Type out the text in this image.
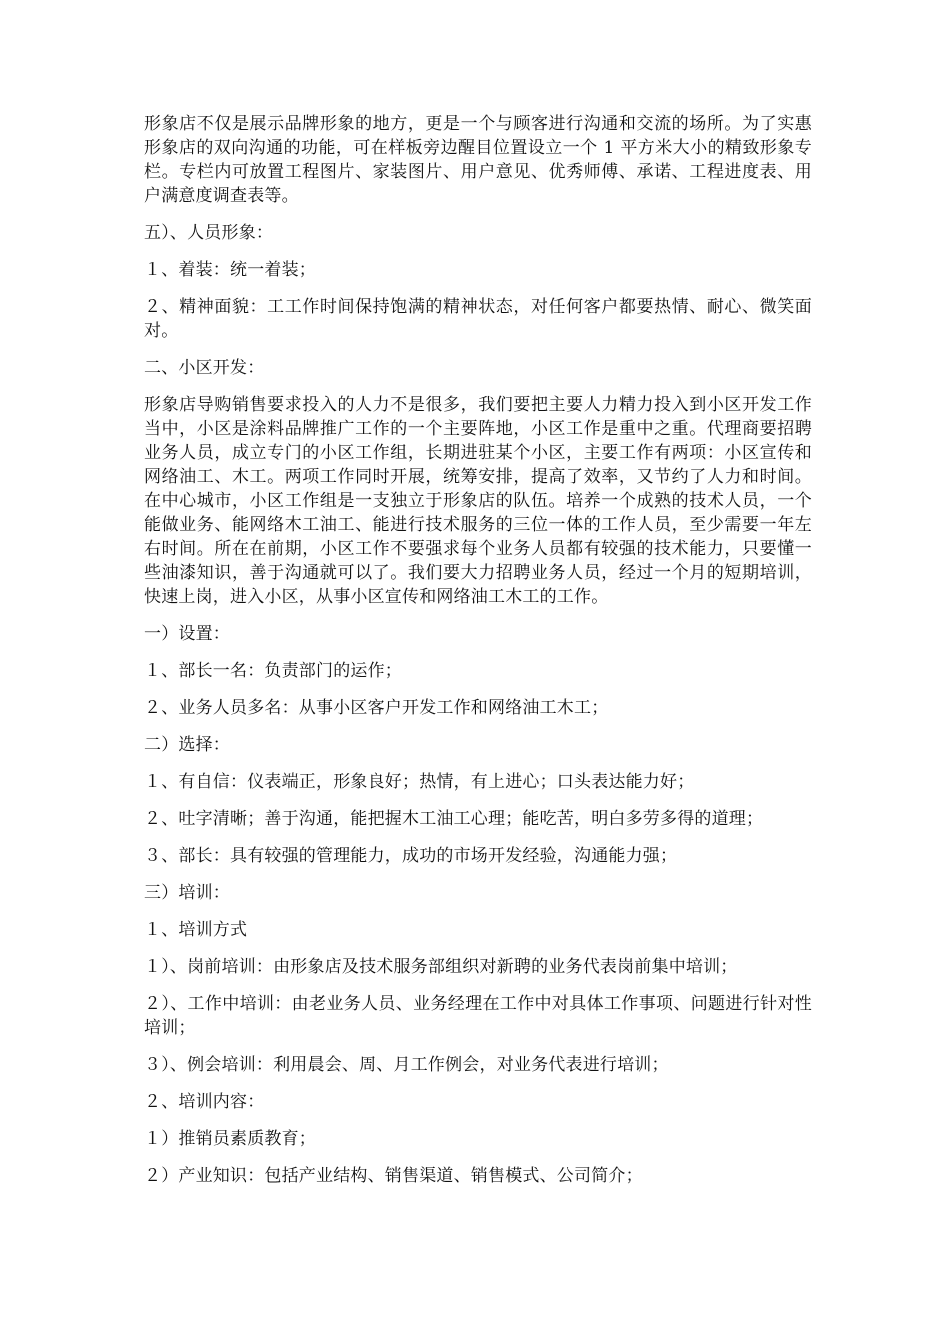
形象店不仅是展示品牌形象的地方，更是一个与顾客进行沟通和交流的场所。为了实惠形象店的双向沟通的功能，可在样板旁边醒目位置设立一个 1 平方米大小的精致形象专栏。专栏内可放置工程图片、家装图片、用户意见、优秀师傅、承诺、工程进度表、用户满意度调查表等。

五）、人员形象：

１、着装：统一着装；

２、精神面貌：工工作时间保持饱满的精神状态，对任何客户都要热情、耐心、微笑面对。

二、小区开发：

形象店导购销售要求投入的人力不是很多，我们要把主要人力精力投入到小区开发工作当中，小区是涂料品牌推广工作的一个主要阵地，小区工作是重中之重。代理商要招聘业务人员，成立专门的小区工作组，长期进驻某个小区，主要工作有两项：小区宣传和网络油工、木工。两项工作同时开展，统筹安排，提高了效率，又节约了人力和时间。在中心城市，小区工作组是一支独立于形象店的队伍。培养一个成熟的技术人员，一个能做业务、能网络木工油工、能进行技术服务的三位一体的工作人员，至少需要一年左右时间。所在在前期，小区工作不要强求每个业务人员都有较强的技术能力，只要懂一些油漆知识，善于沟通就可以了。我们要大力招聘业务人员，经过一个月的短期培训，快速上岗，进入小区，从事小区宣传和网络油工木工的工作。

一）设置：

１、部长一名：负责部门的运作；

２、业务人员多名：从事小区客户开发工作和网络油工木工；

二）选择：

１、有自信：仪表端正，形象良好；热情，有上进心；口头表达能力好；

２、吐字清晰；善于沟通，能把握木工油工心理；能吃苦，明白多劳多得的道理；

３、部长：具有较强的管理能力，成功的市场开发经验，沟通能力强；

三）培训：

１、培训方式

１）、岗前培训：由形象店及技术服务部组织对新聘的业务代表岗前集中培训；

２）、工作中培训：由老业务人员、业务经理在工作中对具体工作事项、问题进行针对性培训；

３）、例会培训：利用晨会、周、月工作例会，对业务代表进行培训；

２、培训内容：

１）推销员素质教育；

２）产业知识：包括产业结构、销售渠道、销售模式、公司简介；
